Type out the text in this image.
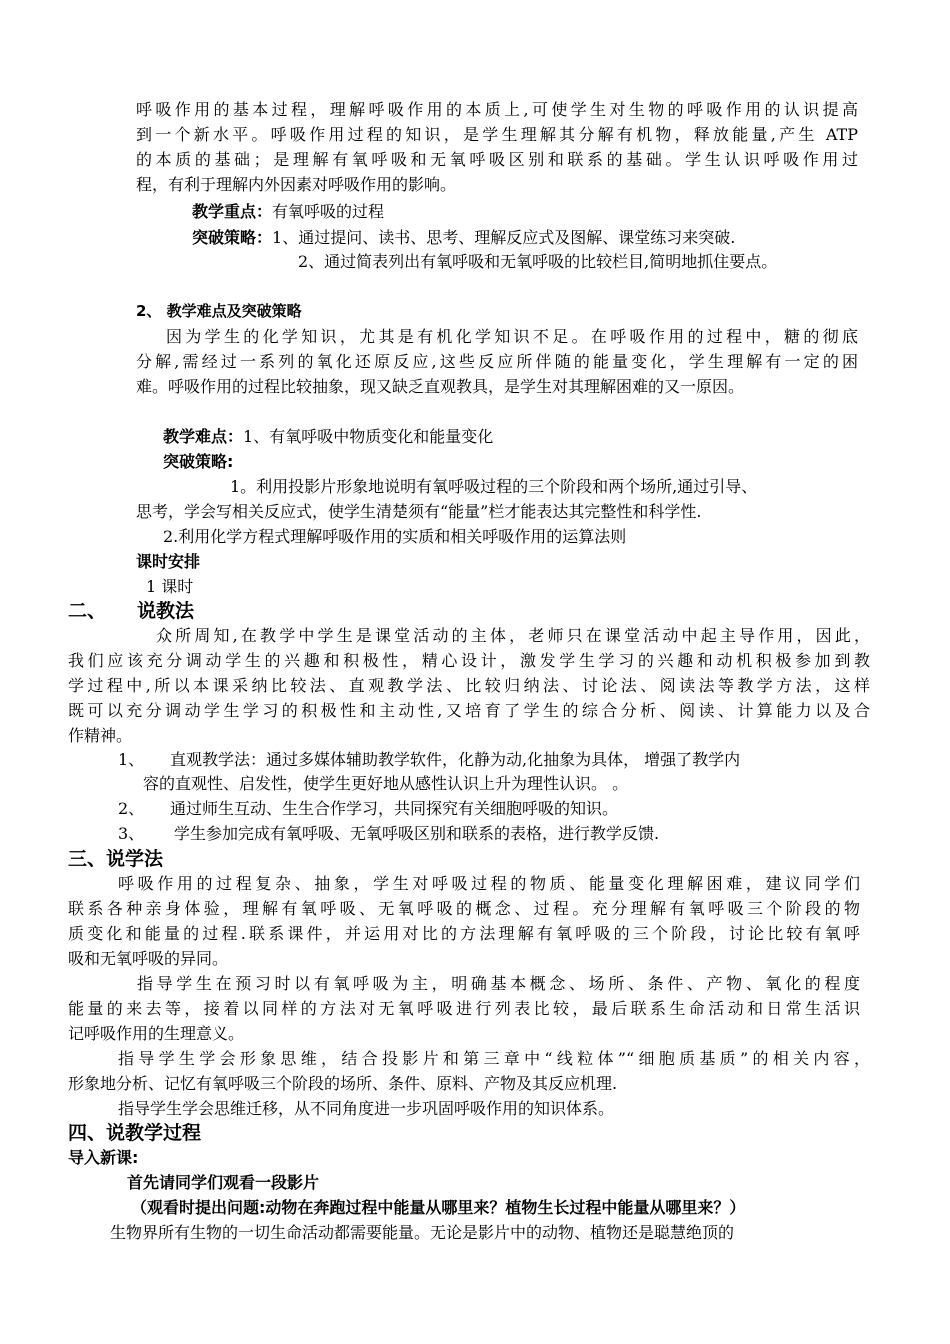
呼吸作用的基本过程，理解呼吸作用的本质上,可使学生对生物的呼吸作用的认识提高
到一个新水平。呼吸作用过程的知识，是学生理解其分解有机物，释放能量,产生 ATP
的本质的基础；是理解有氧呼吸和无氧呼吸区别和联系的基础。学生认识呼吸作用过
程，有利于理解内外因素对呼吸作用的影响。
教学重点：有氧呼吸的过程
突破策略：1、通过提问、读书、思考、理解反应式及图解、课堂练习来突破.
2、通过简表列出有氧呼吸和无氧呼吸的比较栏目,简明地抓住要点。
2、 教学难点及突破策略
因为学生的化学知识，尤其是有机化学知识不足。在呼吸作用的过程中，糖的彻底
分解,需经过一系列的氧化还原反应,这些反应所伴随的能量变化，学生理解有一定的困
难。呼吸作用的过程比较抽象，现又缺乏直观教具，是学生对其理解困难的又一原因。
教学难点：1、有氧呼吸中物质变化和能量变化
突破策略:
1。利用投影片形象地说明有氧呼吸过程的三个阶段和两个场所,通过引导、
思考，学会写相关反应式，使学生清楚须有“能量”栏才能表达其完整性和科学性.
2.利用化学方程式理解呼吸作用的实质和相关呼吸作用的运算法则
课时安排
1 课时
二、 说教法
众所周知,在教学中学生是课堂活动的主体，老师只在课堂活动中起主导作用，因此，
我们应该充分调动学生的兴趣和积极性，精心设计，激发学生学习的兴趣和动机积极参加到教
学过程中,所以本课采纳比较法、直观教学法、比较归纳法、讨论法、阅读法等教学方法，这样
既可以充分调动学生学习的积极性和主动性,又培育了学生的综合分析、阅读、计算能力以及合
作精神。
1、 直观教学法：通过多媒体辅助教学软件，化静为动,化抽象为具体， 增强了教学内
容的直观性、启发性，使学生更好地从感性认识上升为理性认识。 。
2、 通过师生互动、生生合作学习，共同探究有关细胞呼吸的知识。
3、 学生参加完成有氧呼吸、无氧呼吸区别和联系的表格，进行教学反馈.
三、说学法
呼吸作用的过程复杂、抽象，学生对呼吸过程的物质、能量变化理解困难，建议同学们
联系各种亲身体验，理解有氧呼吸、无氧呼吸的概念、过程。充分理解有氧呼吸三个阶段的物
质变化和能量的过程.联系课件，并运用对比的方法理解有氧呼吸的三个阶段，讨论比较有氧呼
吸和无氧呼吸的异同。
指导学生在预习时以有氧呼吸为主，明确基本概念、场所、条件、产物、氧化的程度
能量的来去等，接着以同样的方法对无氧呼吸进行列表比较，最后联系生命活动和日常生活识
记呼吸作用的生理意义。
指导学生学会形象思维，结合投影片和第三章中“线粒体”“细胞质基质”的相关内容，
形象地分析、记忆有氧呼吸三个阶段的场所、条件、原料、产物及其反应机理.
指导学生学会思维迁移，从不同角度进一步巩固呼吸作用的知识体系。
四、说教学过程
导入新课:
首先请同学们观看一段影片
（观看时提出问题:动物在奔跑过程中能量从哪里来？植物生长过程中能量从哪里来？）
生物界所有生物的一切生命活动都需要能量。无论是影片中的动物、植物还是聪慧绝顶的
